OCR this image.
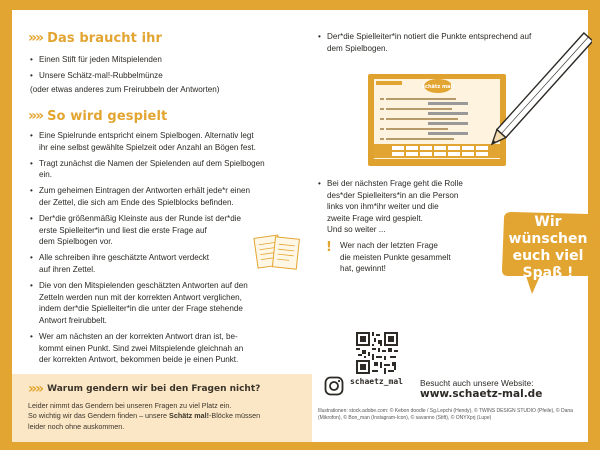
»» Das braucht ihr
• Einen Stift für jeden Mitspielenden
• Unsere Schätz-mal!-Rubbelmünze
(oder etwas anderes zum Freirubbeln der Antworten)
»» So wird gespielt
• Eine Spielrunde entspricht einem Spielbogen. Alternativ legt
ihr eine selbst gewählte Spielzeit oder Anzahl an Bögen fest.
• Tragt zunächst die Namen der Spielenden auf dem Spielbogen
ein.
• Zum geheimen Eintragen der Antworten erhält jede*r einen
der Zettel, die sich am Ende des Spielblocks befinden.
• Der*die größenmäßig Kleinste aus der Runde ist der*die
erste Spielleiter*in und liest die erste Frage auf
dem Spielbogen vor.
• Alle schreiben ihre geschätzte Antwort verdeckt
auf ihren Zettel.
• Die von den Mitspielenden geschätzten Antworten auf den
Zetteln werden nun mit der korrekten Antwort verglichen,
indem der*die Spielleiter*in die unter der Frage stehende
Antwort freirubbelt.
• Wer am nächsten an der korrekten Antwort dran ist, be-
kommt einen Punkt. Sind zwei Mitspielende gleichnah an
der korrekten Antwort, bekommen beide je einen Punkt.
»» Warum gendern wir bei den Fragen nicht?

Leider nimmt das Gendern bei unseren Fragen zu viel Platz ein.

So wichtig wir das Gendern finden – unsere Schätz mal!-Blöcke müssen

leider noch ohne auskommen.

• Der*die Spielleiter*in notiert die Punkte entsprechend auf
dem Spielbogen.
Schätz mal!
• Bei der nächsten Frage geht die Rolle
des*der Spielleiters*in an die Person
links von ihm*ihr weiter und die
zweite Frage wird gespielt.
Und so weiter ...
! Wer nach der letzten Frage
die meisten Punkte gesammelt
hat, gewinnt!

Wir
wünschen
euch viel
Spaß !
schaetz_mal Besucht auch unsere Website:
www.schaetz-mal.de
Illustrationen: stock.adobe.com: © Kebon doodle / Sg.Lepchi (Hendy), © TWINS DESIGN STUDIO (Pfeile), © Dana (Mikrofon), © Bon_man (Instagram-Icon), © savanno (Stift), © ONYXprj (Lupe)
